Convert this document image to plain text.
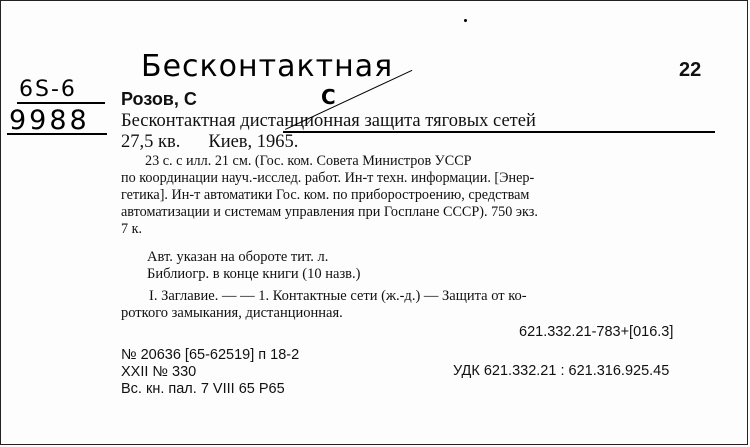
Бесконтактная
С
6S-6
9988
22
Розов, С
Бесконтактная дистанционная защита тяговых сетей
27,5 кв. Киев, 1965.
23 с. с илл. 21 см. (Гос. ком. Совета Министров УССР
по координации науч.-исслед. работ. Ин-т техн. информации. [Энер-
гетика]. Ин-т автоматики Гос. ком. по приборостроению, средствам
автоматизации и системам управления при Госплане СССР). 750 экз.
7 к.
Авт. указан на обороте тит. л.
Библиогр. в конце книги (10 назв.)
I. Заглавие. — — 1. Контактные сети (ж.-д.) — Защита от ко-
роткого замыкания, дистанционная.
621.332.21-783+[016.3]
№ 20636 [65-62519] п 18-2
XXII № 330
Вс. кн. пал. 7 VIII 65 Р65
УДК 621.332.21 : 621.316.925.45
